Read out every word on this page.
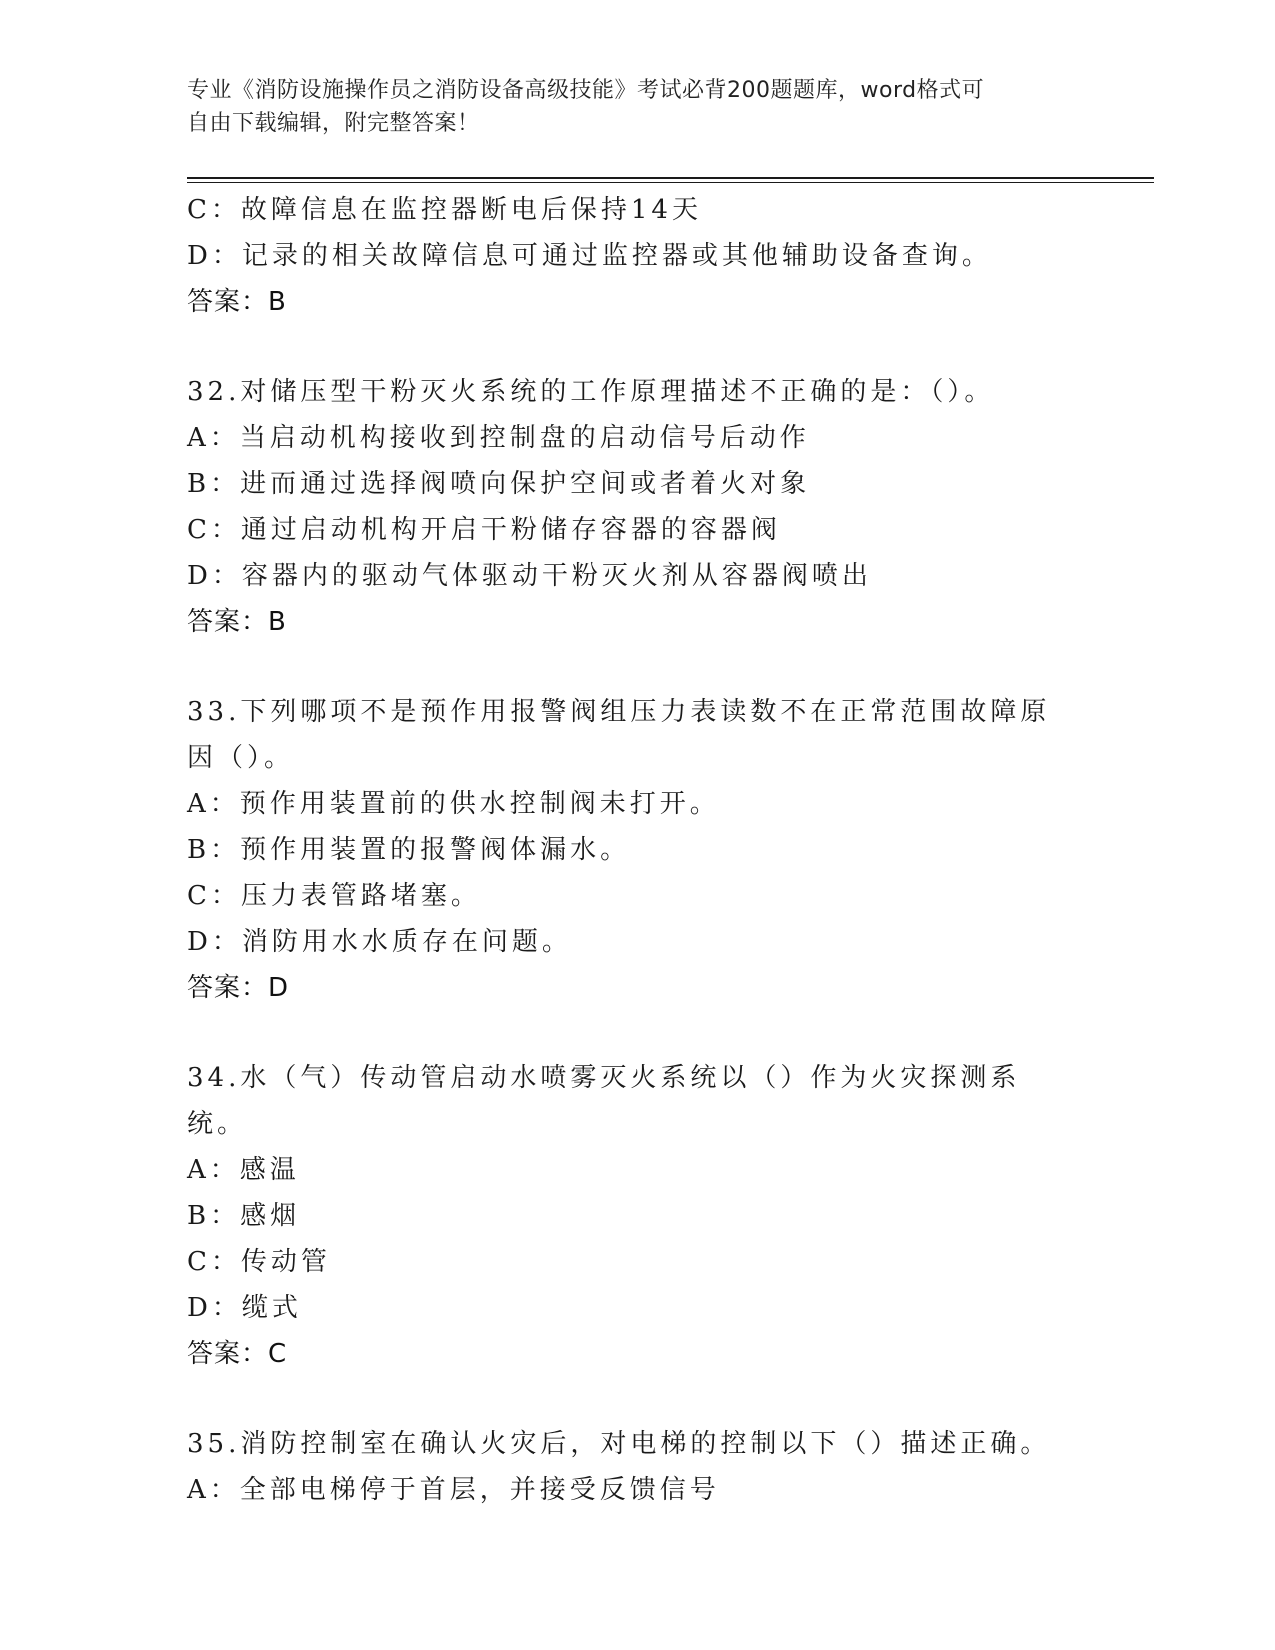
专业《消防设施操作员之消防设备高级技能》考试必背200题题库，word格式可
自由下载编辑，附完整答案！
C：故障信息在监控器断电后保持14天
D：记录的相关故障信息可通过监控器或其他辅助设备查询。
答案：B
32.对储压型干粉灭火系统的工作原理描述不正确的是：（）。
A：当启动机构接收到控制盘的启动信号后动作
B：进而通过选择阀喷向保护空间或者着火对象
C：通过启动机构开启干粉储存容器的容器阀
D：容器内的驱动气体驱动干粉灭火剂从容器阀喷出
答案：B
33.下列哪项不是预作用报警阀组压力表读数不在正常范围故障原因（）。
A：预作用装置前的供水控制阀未打开。
B：预作用装置的报警阀体漏水。
C：压力表管路堵塞。
D：消防用水水质存在问题。
答案：D
34.水（气）传动管启动水喷雾灭火系统以（）作为火灾探测系统。
A：感温
B：感烟
C：传动管
D：缆式
答案：C
35.消防控制室在确认火灾后，对电梯的控制以下（）描述正确。
A：全部电梯停于首层，并接受反馈信号
